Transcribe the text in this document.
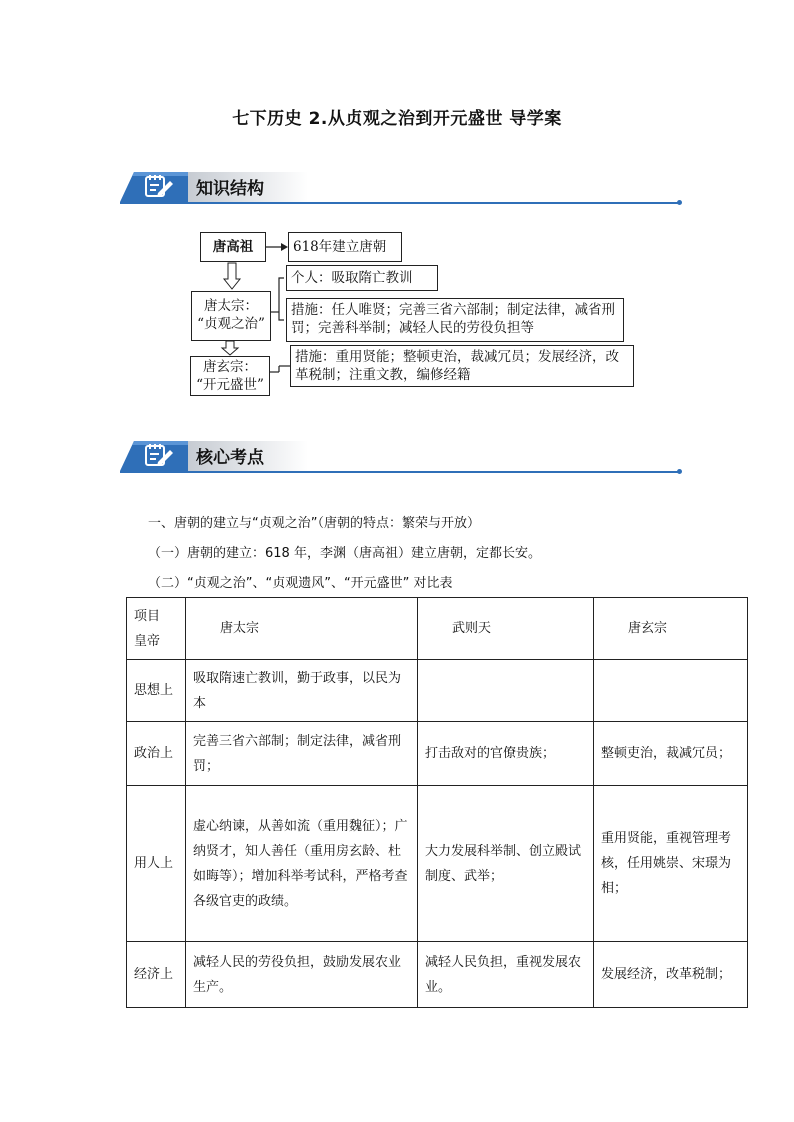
七下历史 2.从贞观之治到开元盛世 导学案
知识结构
唐高祖	618年建立唐朝
唐太宗：
“贞观之治”
个人：吸取隋亡教训
措施：任人唯贤；完善三省六部制；制定法律，减省刑罚；完善科举制；减轻人民的劳役负担等
唐玄宗：
“开元盛世”
措施：重用贤能；整顿吏治，裁减冗员；发展经济，改革税制；注重文教，编修经籍
核心考点
一、唐朝的建立与“贞观之治”（唐朝的特点：繁荣与开放）
（一）唐朝的建立：618 年，李渊（唐高祖）建立唐朝，定都长安。
（二）“贞观之治”、“贞观遗风”、“开元盛世” 对比表
项目
皇帝	唐太宗	武则天	唐玄宗
思想上	吸取隋速亡教训，勤于政事，以民为本		
政治上	完善三省六部制；制定法律，减省刑罚；	打击敌对的官僚贵族；	整顿吏治，裁减冗员；
用人上	虚心纳谏，从善如流（重用魏征）；广纳贤才，知人善任（重用房玄龄、杜如晦等）；增加科举考试科，严格考查各级官吏的政绩。	大力发展科举制、创立殿试制度、武举；	重用贤能，重视管理考核，任用姚崇、宋璟为相；
经济上	减轻人民的劳役负担，鼓励发展农业生产。	减轻人民负担，重视发展农业。	发展经济，改革税制；
